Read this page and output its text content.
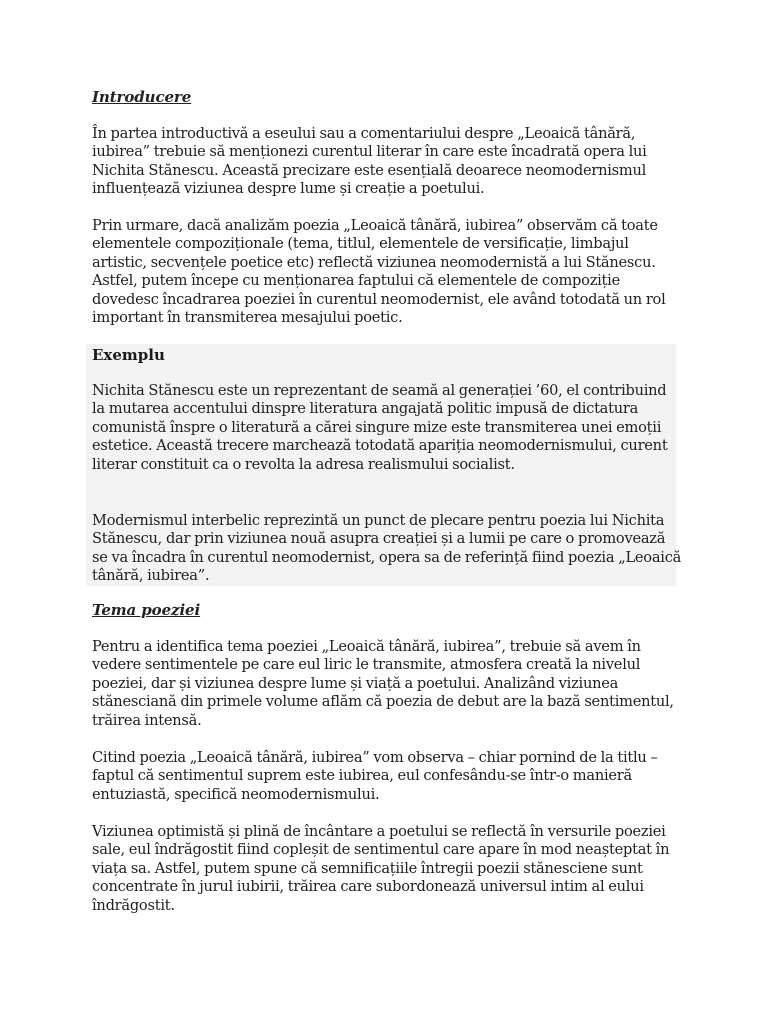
Introducere

În partea introductivă a eseului sau a comentariului despre „Leoaică tânără, iubirea” trebuie să menționezi curentul literar în care este încadrată opera lui Nichita Stănescu. Această precizare este esențială deoarece neomodernismul influențează viziunea despre lume și creație a poetului.

Prin urmare, dacă analizăm poezia „Leoaică tânără, iubirea” observăm că toate elementele compoziționale (tema, titlul, elementele de versificație, limbajul artistic, secvențele poetice etc) reflectă viziunea neomodernistă a lui Stănescu. Astfel, putem începe cu menționarea faptului că elementele de compoziție dovedesc încadrarea poeziei în curentul neomodernist, ele având totodată un rol important în transmiterea mesajului poetic.

Exemplu

Nichita Stănescu este un reprezentant de seamă al generației ’60, el contribuind la mutarea accentului dinspre literatura angajată politic impusă de dictatura comunistă înspre o literatură a cărei singure mize este transmiterea unei emoții estetice. Această trecere marchează totodată apariția neomodernismului, curent literar constituit ca o revolta la adresa realismului socialist.

Modernismul interbelic reprezintă un punct de plecare pentru poezia lui Nichita Stănescu, dar prin viziunea nouă asupra creației și a lumii pe care o promovează se va încadra în curentul neomodernist, opera sa de referință fiind poezia „Leoaică tânără, iubirea”.

Tema poeziei

Pentru a identifica tema poeziei „Leoaică tânără, iubirea”, trebuie să avem în vedere sentimentele pe care eul liric le transmite, atmosfera creată la nivelul poeziei, dar și viziunea despre lume și viață a poetului. Analizând viziunea stănesciană din primele volume aflăm că poezia de debut are la bază sentimentul, trăirea intensă.

Citind poezia „Leoaică tânără, iubirea” vom observa – chiar pornind de la titlu – faptul că sentimentul suprem este iubirea, eul confesându-se într-o manieră entuziastă, specifică neomodernismului.

Viziunea optimistă și plină de încântare a poetului se reflectă în versurile poeziei sale, eul îndrăgostit fiind copleșit de sentimentul care apare în mod neașteptat în viața sa. Astfel, putem spune că semnificațiile întregii poezii stănesciene sunt concentrate în jurul iubirii, trăirea care subordonează universul intim al eului îndrăgostit.
